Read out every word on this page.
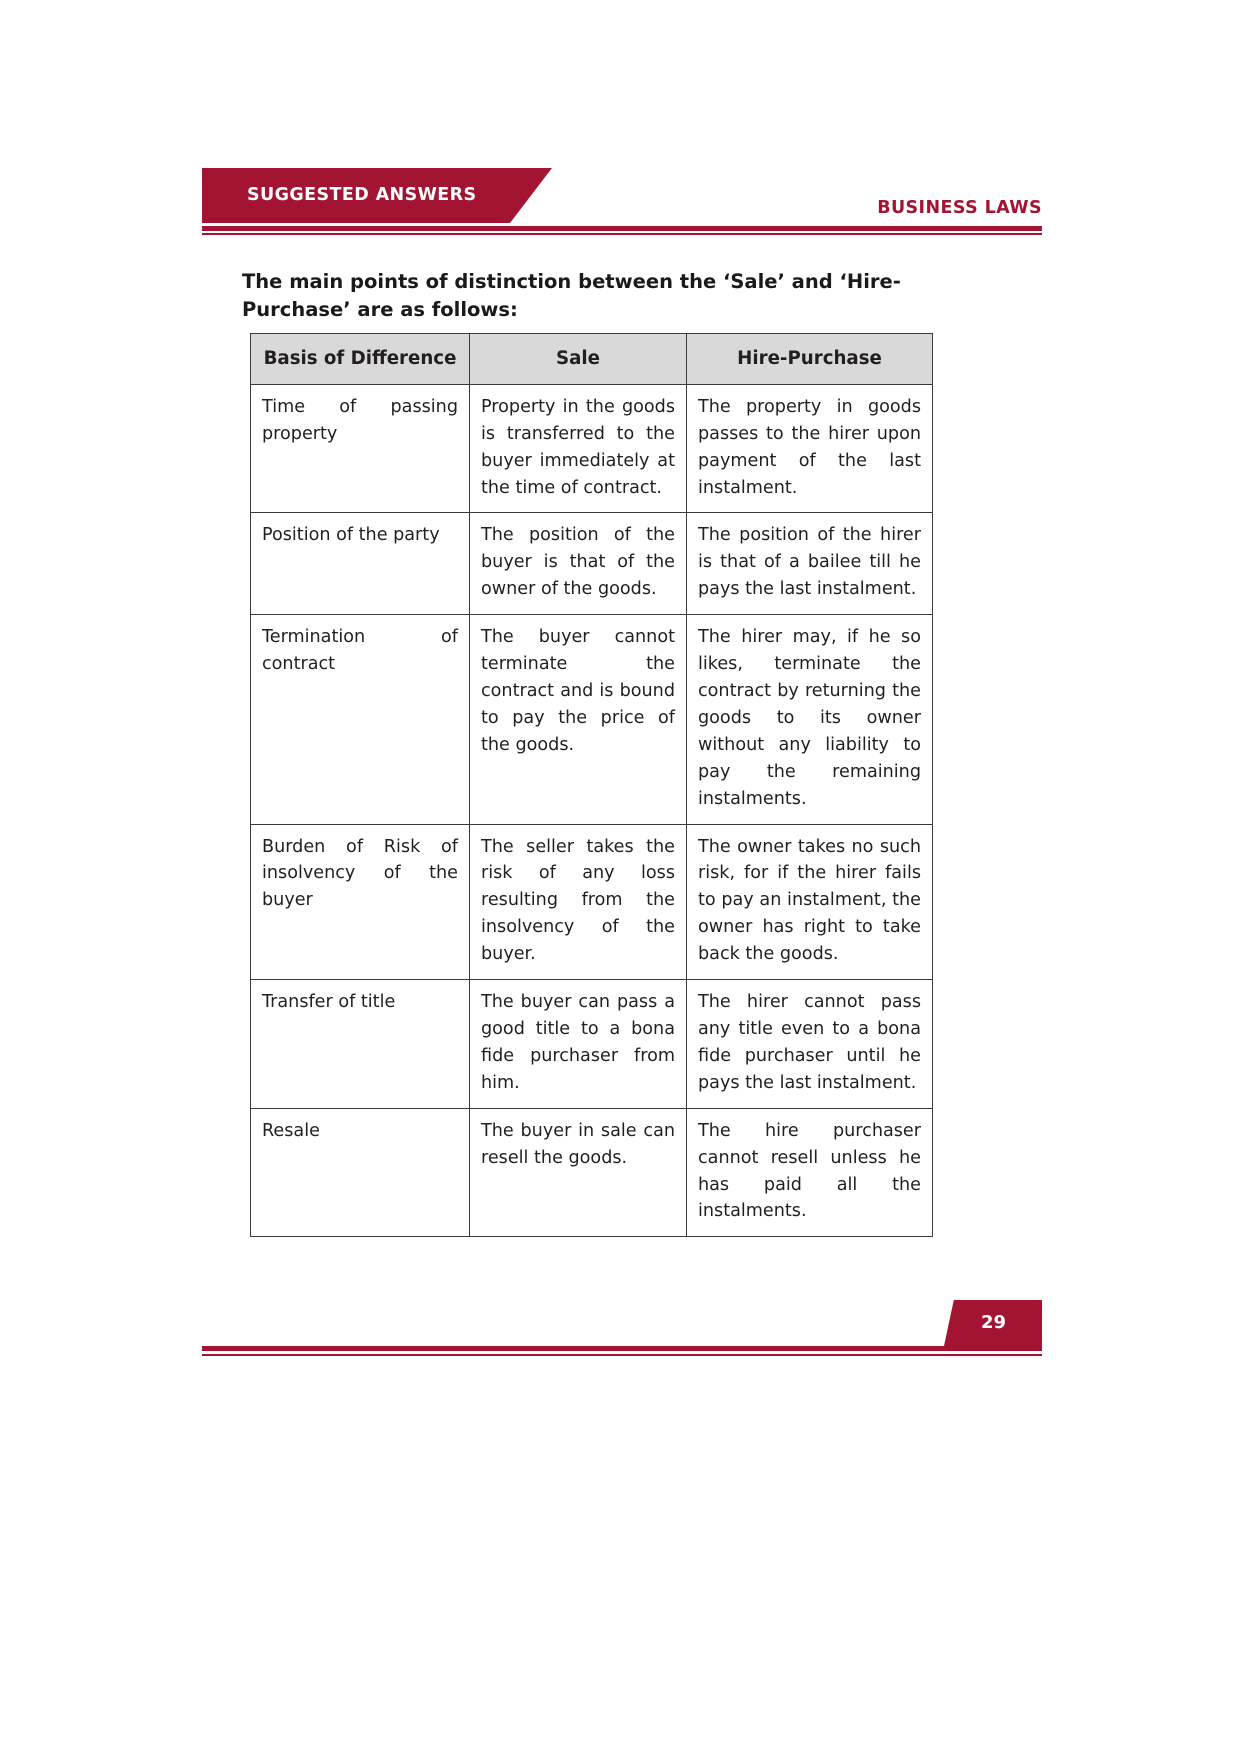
SUGGESTED ANSWERS
BUSINESS LAWS
The main points of distinction between the ‘Sale’ and ‘Hire-Purchase’ are as follows:
Basis of Difference	Sale	Hire-Purchase
Time of passing property	Property in the goods is transferred to the buyer immediately at the time of contract.	The property in goods passes to the hirer upon payment of the last instalment.
Position of the party	The position of the buyer is that of the owner of the goods.	The position of the hirer is that of a bailee till he pays the last instalment.
Termination of contract	The buyer cannot terminate the contract and is bound to pay the price of the goods.	The hirer may, if he so likes, terminate the contract by returning the goods to its owner without any liability to pay the remaining instalments.
Burden of Risk of insolvency of the buyer	The seller takes the risk of any loss resulting from the insolvency of the buyer.	The owner takes no such risk, for if the hirer fails to pay an instalment, the owner has right to take back the goods.
Transfer of title	The buyer can pass a good title to a bona fide purchaser from him.	The hirer cannot pass any title even to a bona fide purchaser until he pays the last instalment.
Resale	The buyer in sale can resell the goods.	The hire purchaser cannot resell unless he has paid all the instalments.
29
